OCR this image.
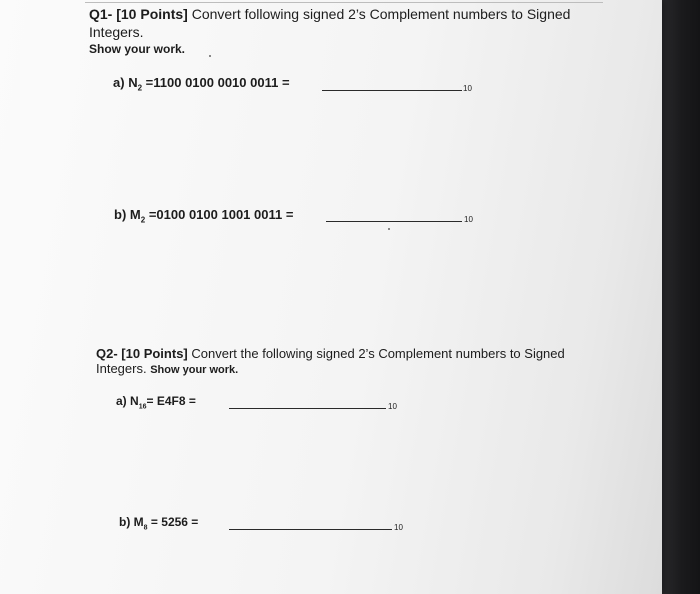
Q1- [10 Points] Convert following signed 2’s Complement numbers to Signed
Integers.
Show your work.
a) $N_2 =1100$ 0100 0010 0011 =	10
b) $M_2 =0100$ 0100 1001 0011 =	10
Q2- [10 Points] Convert the following signed 2’s Complement numbers to Signed
Integers. Show your work.
a) $N_{16}= E4F8$ =	10
b) $M_8 = 5256$ =	10
